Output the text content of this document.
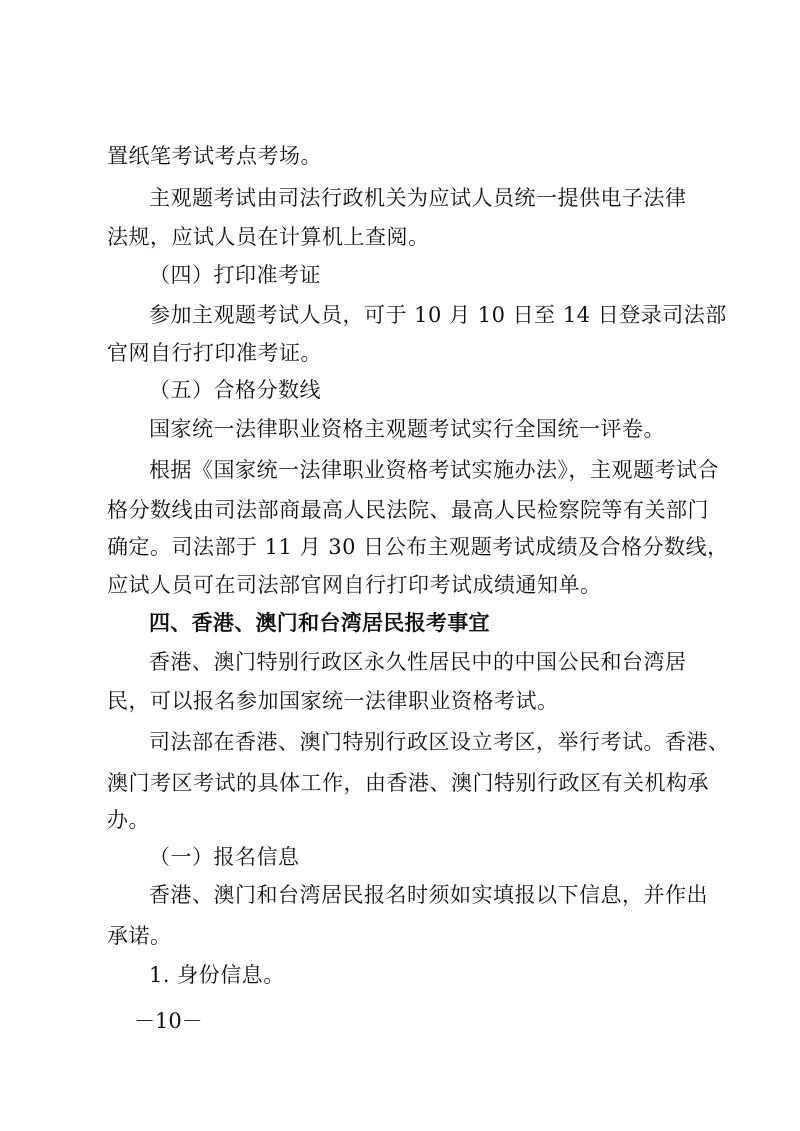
置纸笔考试考点考场。
主观题考试由司法行政机关为应试人员统一提供电子法律
法规，应试人员在计算机上查阅。
（四）打印准考证
参加主观题考试人员，可于 10 月 10 日至 14 日登录司法部
官网自行打印准考证。
（五）合格分数线
国家统一法律职业资格主观题考试实行全国统一评卷。
根据《国家统一法律职业资格考试实施办法》，主观题考试合
格分数线由司法部商最高人民法院、最高人民检察院等有关部门
确定。司法部于 11 月 30 日公布主观题考试成绩及合格分数线，
应试人员可在司法部官网自行打印考试成绩通知单。
四、香港、澳门和台湾居民报考事宜
香港、澳门特别行政区永久性居民中的中国公民和台湾居
民，可以报名参加国家统一法律职业资格考试。
司法部在香港、澳门特别行政区设立考区，举行考试。香港、
澳门考区考试的具体工作，由香港、澳门特别行政区有关机构承
办。
（一）报名信息
香港、澳门和台湾居民报名时须如实填报以下信息，并作出
承诺。
1. 身份信息。
－10－
